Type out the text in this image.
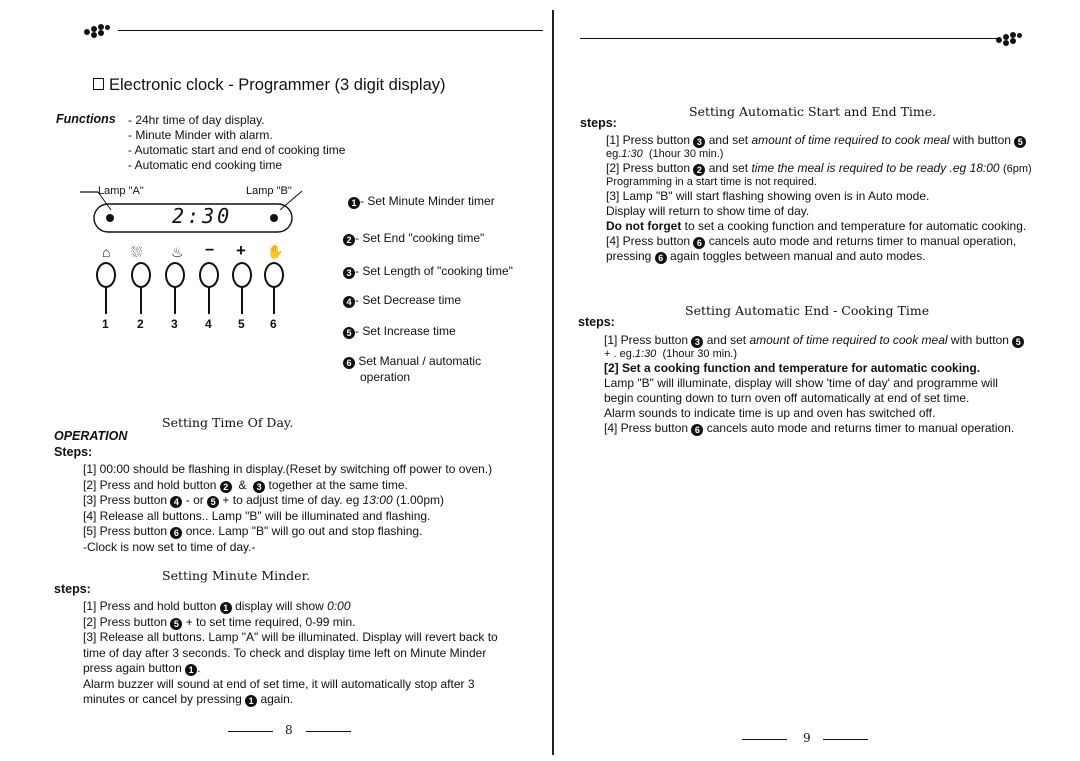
Electronic clock - Programmer (3 digit display)
Functions - 24hr time of day display.
- Minute Minder with alarm.
- Automatic start and end of cooking time
- Automatic end cooking time
Lamp "A"	Lamp "B"
2:30
⌂ ⛆ ♨ − + ✋
1 2 3 4 5 6
1 - Set Minute Minder timer
2 - Set End "cooking time"
3 - Set Length of "cooking time"
4 - Set Decrease time
5 - Set Increase time
6 Set Manual / automatic
operation
Setting Time Of Day.
OPERATION
Steps:
[1] 00:00 should be flashing in display.(Reset by switching off power to oven.)
[2] Press and hold button 2 & 3 together at the same time.
[3] Press button 4 - or 5 + to adjust time of day. eg 13:00 (1.00pm)
[4] Release all buttons.. Lamp "B" will be illuminated and flashing.
[5] Press button 6 once. Lamp "B" will go out and stop flashing.
-Clock is now set to time of day.-
Setting Minute Minder.
steps:
[1] Press and hold button 1 display will show 0:00
[2] Press button 5 + to set time required, 0-99 min.
[3] Release all buttons. Lamp "A" will be illuminated. Display will revert back to
time of day after 3 seconds. To check and display time left on Minute Minder
press again button 1 .
Alarm buzzer will sound at end of set time, it will automatically stop after 3
minutes or cancel by pressing 1 again.
8
Setting Automatic Start and End Time.
steps:
[1] Press button 3 and set amount of time required to cook meal with button 5
eg.1:30 (1hour 30 min.)
[2] Press button 2 and set time the meal is required to be ready .eg 18:00 (6pm)
Programming in a start time is not required.
[3] Lamp "B" will start flashing showing oven is in Auto mode.
Display will return to show time of day.
Do not forget to set a cooking function and temperature for automatic cooking.
[4] Press button 6 cancels auto mode and returns timer to manual operation,
pressing 6 again toggles between manual and auto modes.
Setting Automatic End - Cooking Time
steps:
[1] Press button 3 and set amount of time required to cook meal with button 5
+ . eg.1:30 (1hour 30 min.)
[2] Set a cooking function and temperature for automatic cooking.
Lamp "B" will illuminate, display will show 'time of day' and programme will
begin counting down to turn oven off automatically at end of set time.
Alarm sounds to indicate time is up and oven has switched off.
[4] Press button 6 cancels auto mode and returns timer to manual operation.
9
